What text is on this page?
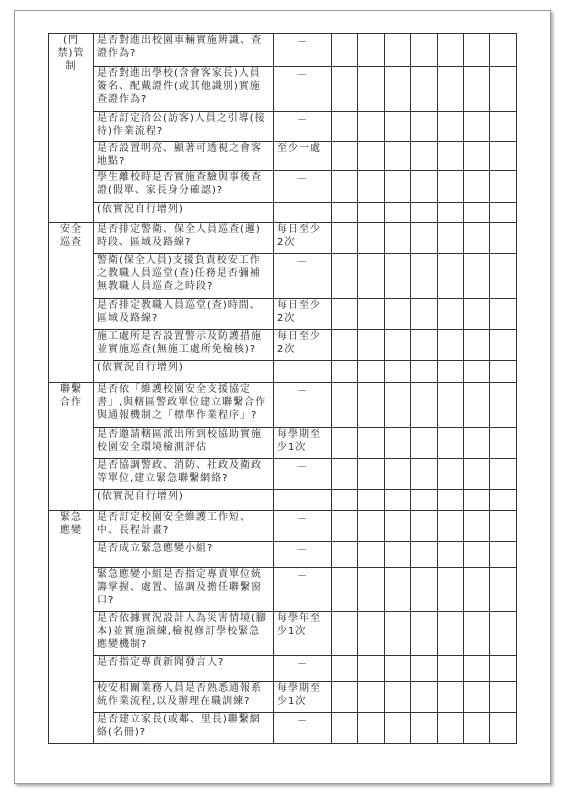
(門
禁)管
制	是否對進出校園車輛實施辨識、查證作為?	－							

	是否對進出學校(含會客家長)人員簽名、配戴證件(或其他識別)實施查證作為?	－							

	是否訂定洽公(訪客)人員之引導(接待)作業流程?	－							

	是否設置明亮、顯著可透視之會客地點?	至少一處							
	學生離校時是否實施查驗與事後查證(假單、家長身分確認)?	－							

	(依實況自行增列)								
安全
巡查	是否排定警衛、保全人員巡查(邏)時段、區域及路線?	每日至少2次							
	警衛(保全人員)支援負責校安工作之教職人員巡堂(查)任務是否彌補無教職人員巡查之時段?	－							

	是否排定教職人員巡堂(查)時間、區域及路線?	每日至少2次							
	施工處所是否設置警示及防護措施並實施巡查(無施工處所免檢核)?	每日至少2次							
	(依實況自行增列)								
聯繫
合作	是否依「維護校園安全支援協定書」,與轄區警政單位建立聯繫合作與通報機制之「標準作業程序」?	－							

	是否邀請轄區派出所到校協助實施校園安全環境檢測評估	每學期至少1次							
	是否協調警政、消防、社政及衛政等單位,建立緊急聯繫網絡?	－							

	(依實況自行增列)								
緊急
應變	是否訂定校園安全維護工作短、中、長程計畫?	－							

	是否成立緊急應變小組?	－							

	緊急應變小組是否指定專責單位統籌掌握、處置、協調及擔任聯繫窗口?	－							

	是否依據實況設計人為災害情境(腳本)並實施演練,檢視修訂學校緊急應變機制?	每學年至少1次							
	是否指定專責新聞發言人?	－							

	校安相關業務人員是否熟悉通報系統作業流程,以及辦理在職訓練?	每學期至少1次							
	是否建立家長(或鄰、里長)聯繫網絡(名冊)?	－							
